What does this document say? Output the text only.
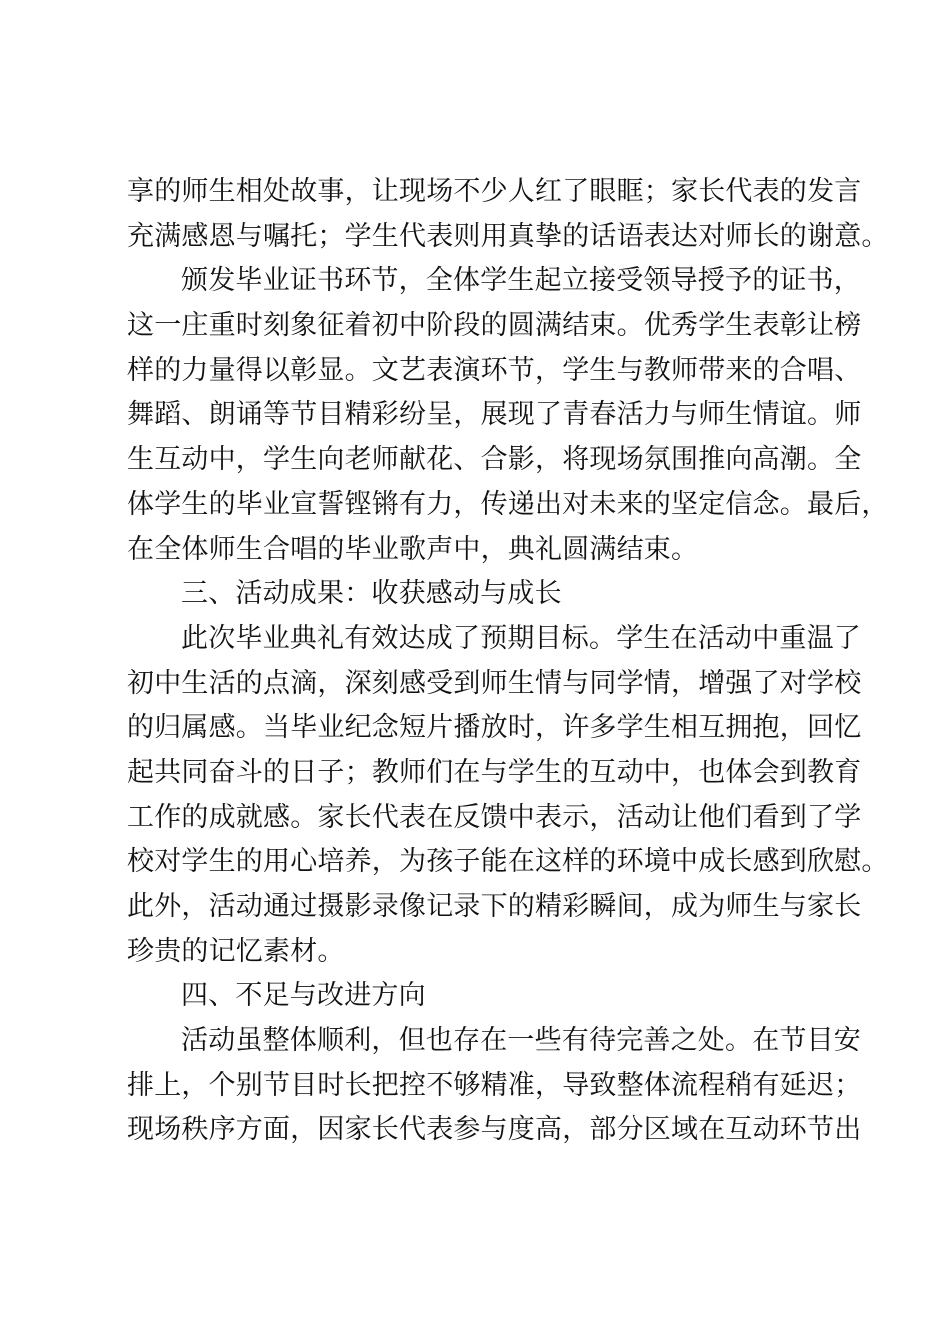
享的师生相处故事，让现场不少人红了眼眶；家长代表的发言
充满感恩与嘱托；学生代表则用真挚的话语表达对师长的谢意。
颁发毕业证书环节，全体学生起立接受领导授予的证书，
这一庄重时刻象征着初中阶段的圆满结束。优秀学生表彰让榜
样的力量得以彰显。文艺表演环节，学生与教师带来的合唱、
舞蹈、朗诵等节目精彩纷呈，展现了青春活力与师生情谊。师
生互动中，学生向老师献花、合影，将现场氛围推向高潮。全
体学生的毕业宣誓铿锵有力，传递出对未来的坚定信念。最后，
在全体师生合唱的毕业歌声中，典礼圆满结束。
三、活动成果：收获感动与成长
此次毕业典礼有效达成了预期目标。学生在活动中重温了
初中生活的点滴，深刻感受到师生情与同学情，增强了对学校
的归属感。当毕业纪念短片播放时，许多学生相互拥抱，回忆
起共同奋斗的日子；教师们在与学生的互动中，也体会到教育
工作的成就感。家长代表在反馈中表示，活动让他们看到了学
校对学生的用心培养，为孩子能在这样的环境中成长感到欣慰。
此外，活动通过摄影录像记录下的精彩瞬间，成为师生与家长
珍贵的记忆素材。
四、不足与改进方向
活动虽整体顺利，但也存在一些有待完善之处。在节目安
排上，个别节目时长把控不够精准，导致整体流程稍有延迟；
现场秩序方面，因家长代表参与度高，部分区域在互动环节出
